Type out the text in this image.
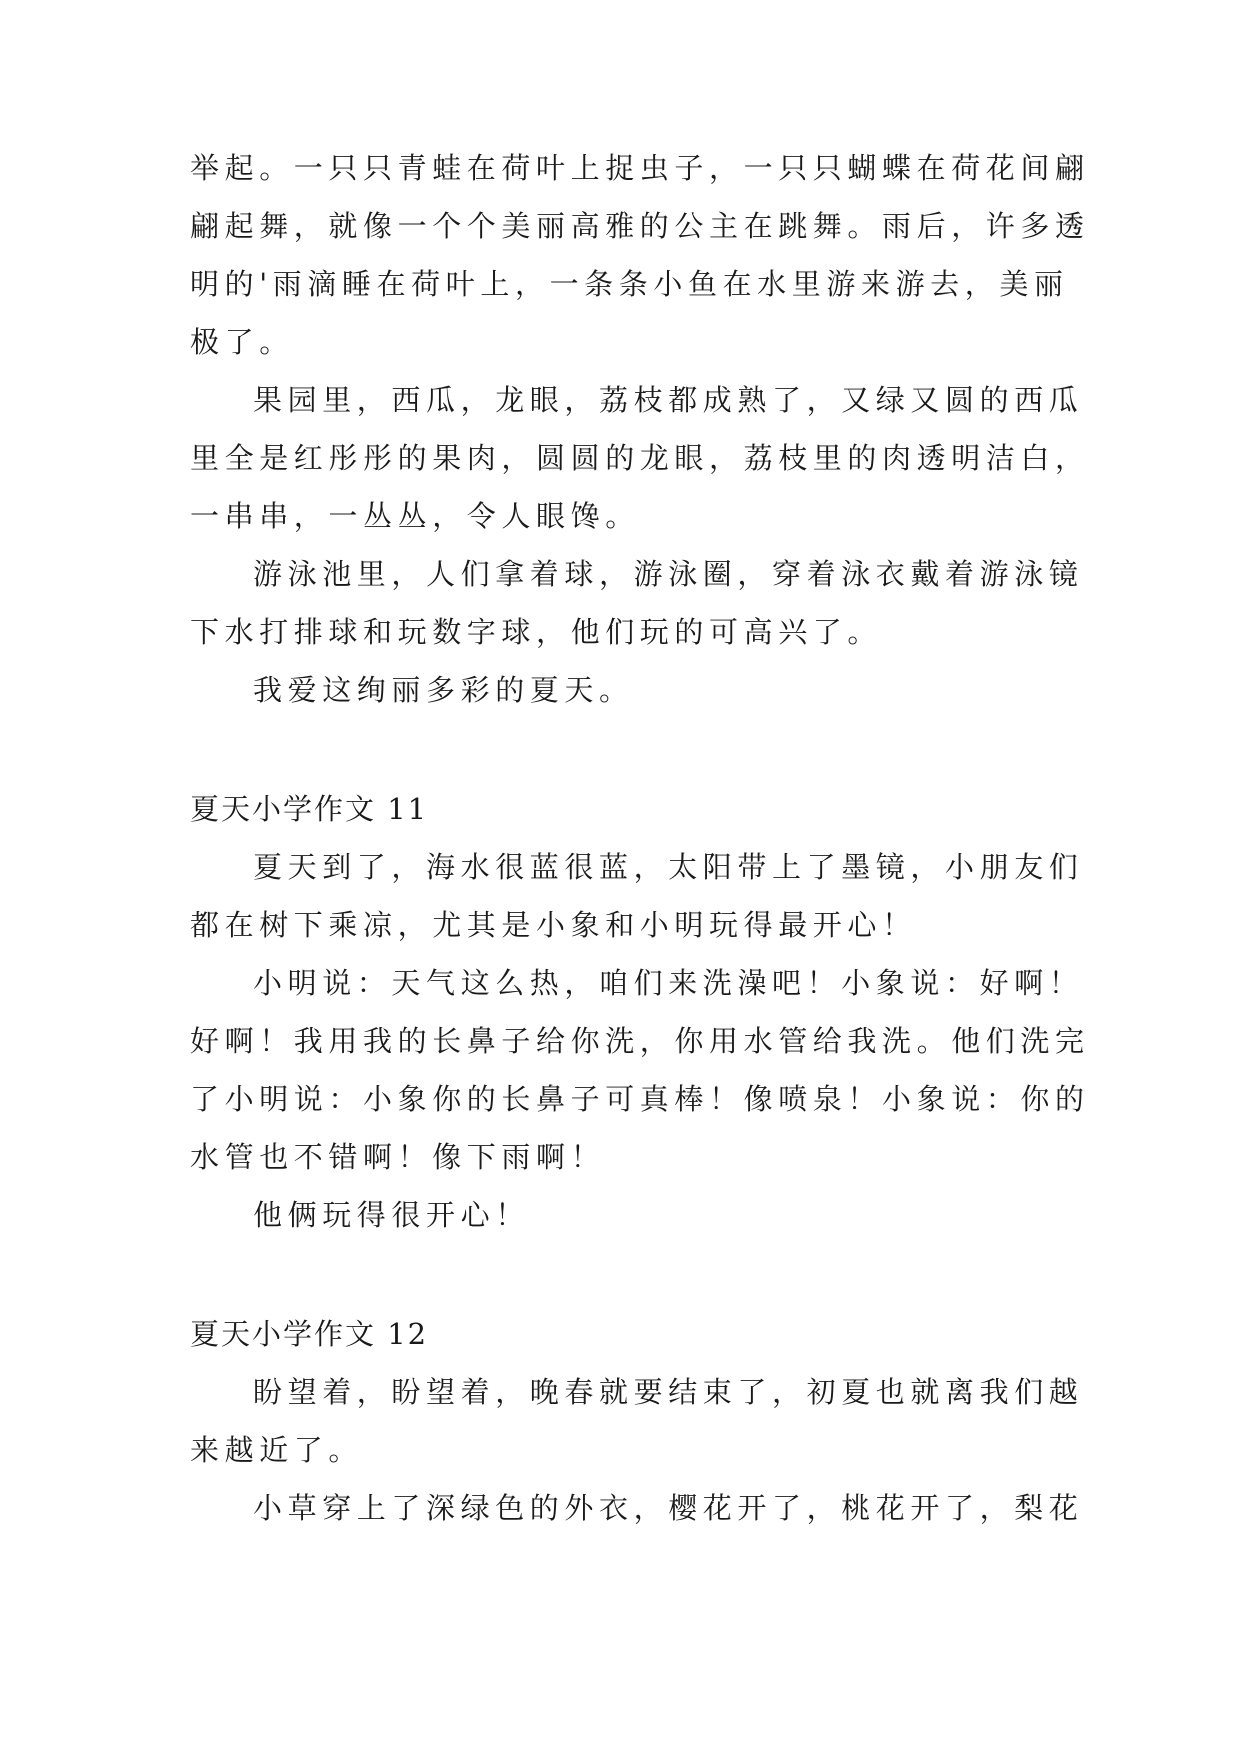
举起。一只只青蛙在荷叶上捉虫子，一只只蝴蝶在荷花间翩
翩起舞，就像一个个美丽高雅的公主在跳舞。雨后，许多透
明的'雨滴睡在荷叶上，一条条小鱼在水里游来游去，美丽
极了。
果园里，西瓜，龙眼，荔枝都成熟了，又绿又圆的西瓜
里全是红彤彤的果肉，圆圆的龙眼，荔枝里的肉透明洁白，
一串串，一丛丛，令人眼馋。
游泳池里，人们拿着球，游泳圈，穿着泳衣戴着游泳镜
下水打排球和玩数字球，他们玩的可高兴了。
我爱这绚丽多彩的夏天。
夏天小学作文 11
夏天到了，海水很蓝很蓝，太阳带上了墨镜，小朋友们
都在树下乘凉，尤其是小象和小明玩得最开心！
小明说：天气这么热，咱们来洗澡吧！小象说：好啊！
好啊！我用我的长鼻子给你洗，你用水管给我洗。他们洗完
了小明说：小象你的长鼻子可真棒！像喷泉！小象说：你的
水管也不错啊！像下雨啊！
他俩玩得很开心！
夏天小学作文 12
盼望着，盼望着，晚春就要结束了，初夏也就离我们越
来越近了。
小草穿上了深绿色的外衣，樱花开了，桃花开了，梨花
